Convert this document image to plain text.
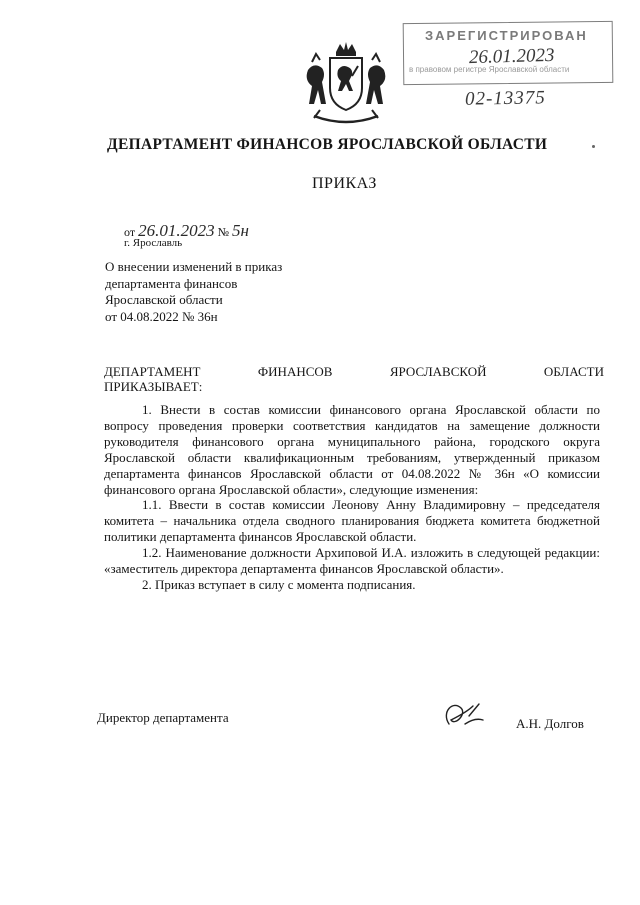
ЗАРЕГИСТРИРОВАН
26.01.2023
в правовом регистре Ярославской области
02-13375
ДЕПАРТАМЕНТ ФИНАНСОВ ЯРОСЛАВСКОЙ ОБЛАСТИ
ПРИКАЗ
от 26.01.2023 № 5н
г. Ярославль
О внесении изменений в приказ
департамента финансов
Ярославской области
от 04.08.2022 № 36н
ДЕПАРТАМЕНТ	ФИНАНСОВ	ЯРОСЛАВСКОЙ	ОБЛАСТИ
ПРИКАЗЫВАЕТ:

1. Внести в состав комиссии финансового органа Ярославской области по вопросу проведения проверки соответствия кандидатов на замещение должности руководителя финансового органа муниципального района, городского округа Ярославской области квалификационным требованиям, утвержденный приказом департамента финансов Ярославской области от 04.08.2022 № 36н «О комиссии финансового органа Ярославской области», следующие изменения:

1.1. Ввести в состав комиссии Леонову Анну Владимировну – председателя комитета – начальника отдела сводного планирования бюджета комитета бюджетной политики департамента финансов Ярославской области.

1.2. Наименование должности Архиповой И.А. изложить в следующей редакции: «заместитель директора департамента финансов Ярославской области».

2. Приказ вступает в силу с момента подписания.

Директор департамента	А.Н. Долгов
